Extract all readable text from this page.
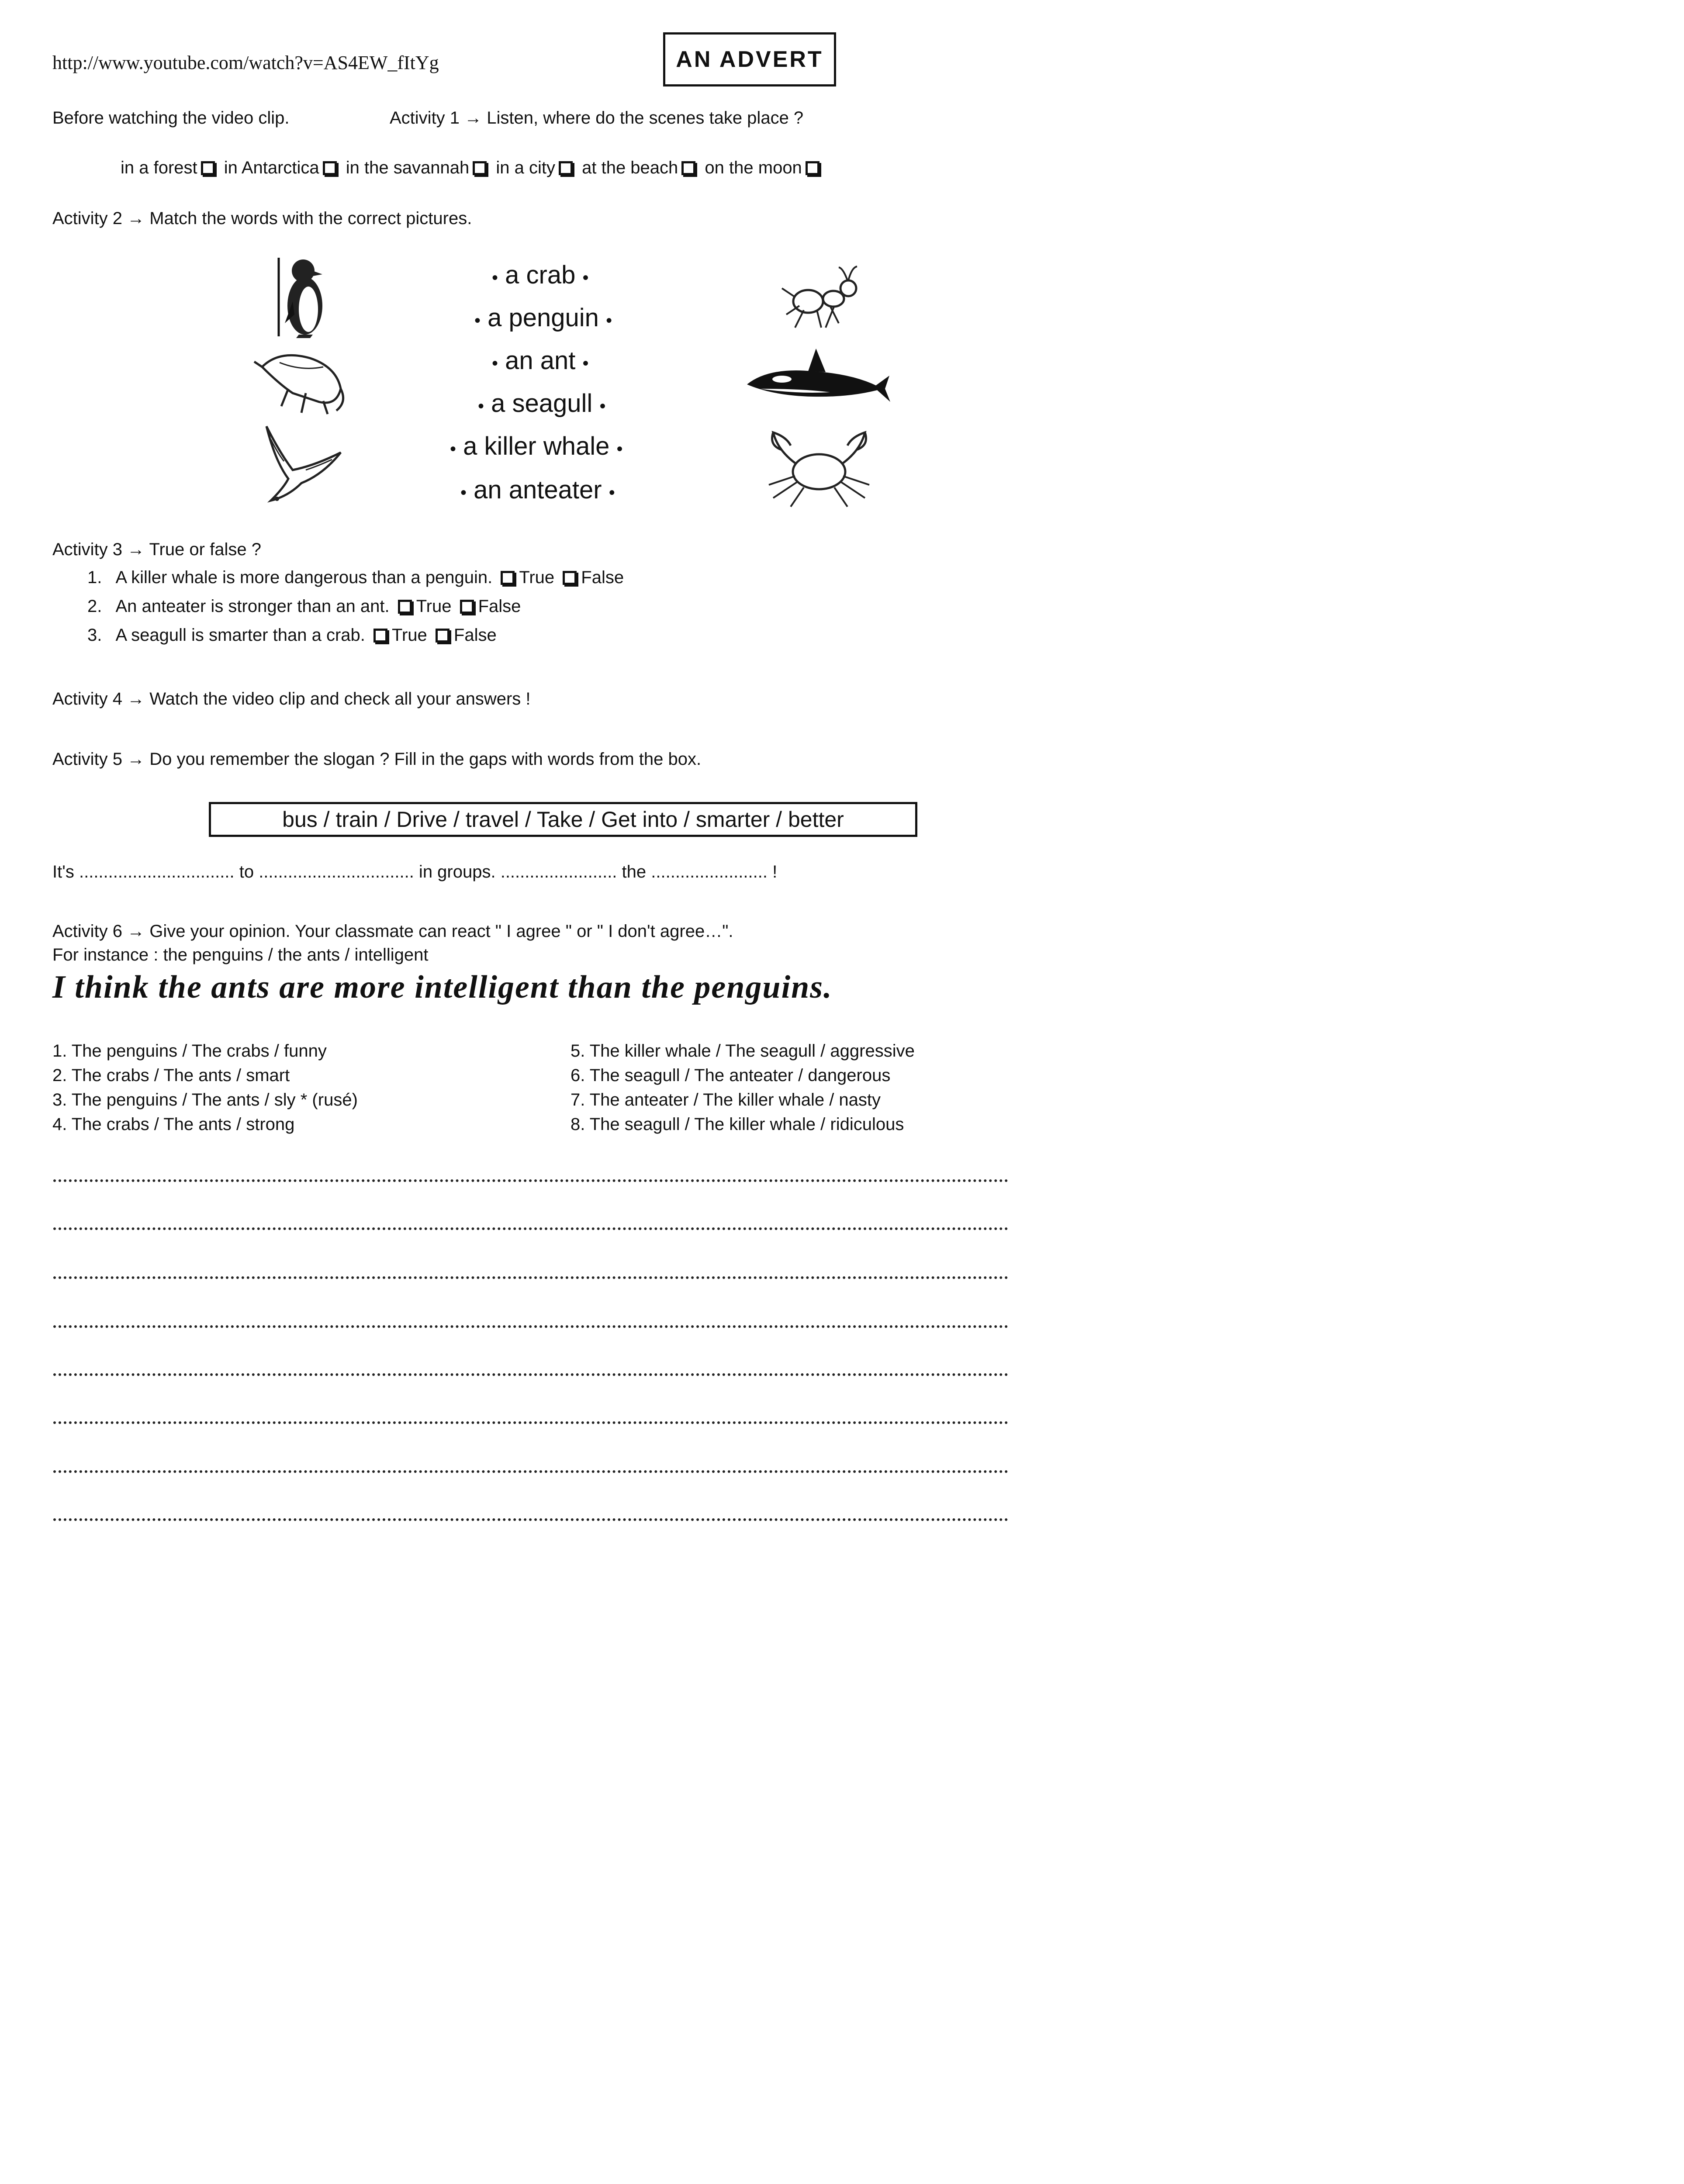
http://www.youtube.com/watch?v=AS4EW_fItYg	AN ADVERT
Before watching the video clip.	Activity 1 → Listen, where do the scenes take place ?
in a forest in Antarctica in the savannah in a city at the beach on the moon
Activity 2 → Match the words with the correct pictures.
• a crab •
• a penguin •
• an ant •
• a seagull •
• a killer whale •
• an anteater •
Activity 3 → True or false ?
1. A killer whale is more dangerous than a penguin. True False
2. An anteater is stronger than an ant. True False
3. A seagull is smarter than a crab. True False
Activity 4 → Watch the video clip and check all your answers !
Activity 5 → Do you remember the slogan ? Fill in the gaps with words from the box.
bus / train / Drive / travel / Take / Get into / smarter / better
It's ................................ to ................................ in groups. ........................ the ........................ !
Activity 6 → Give your opinion. Your classmate can react " I agree " or " I don't agree…".
For instance : the penguins / the ants / intelligent
I think the ants are more intelligent than the penguins.
1. The penguins / The crabs / funny
2. The crabs / The ants / smart
3. The penguins / The ants / sly * (rusé)
4. The crabs / The ants / strong
5. The killer whale / The seagull / aggressive
6. The seagull / The anteater / dangerous
7. The anteater / The killer whale / nasty
8. The seagull / The killer whale / ridiculous
